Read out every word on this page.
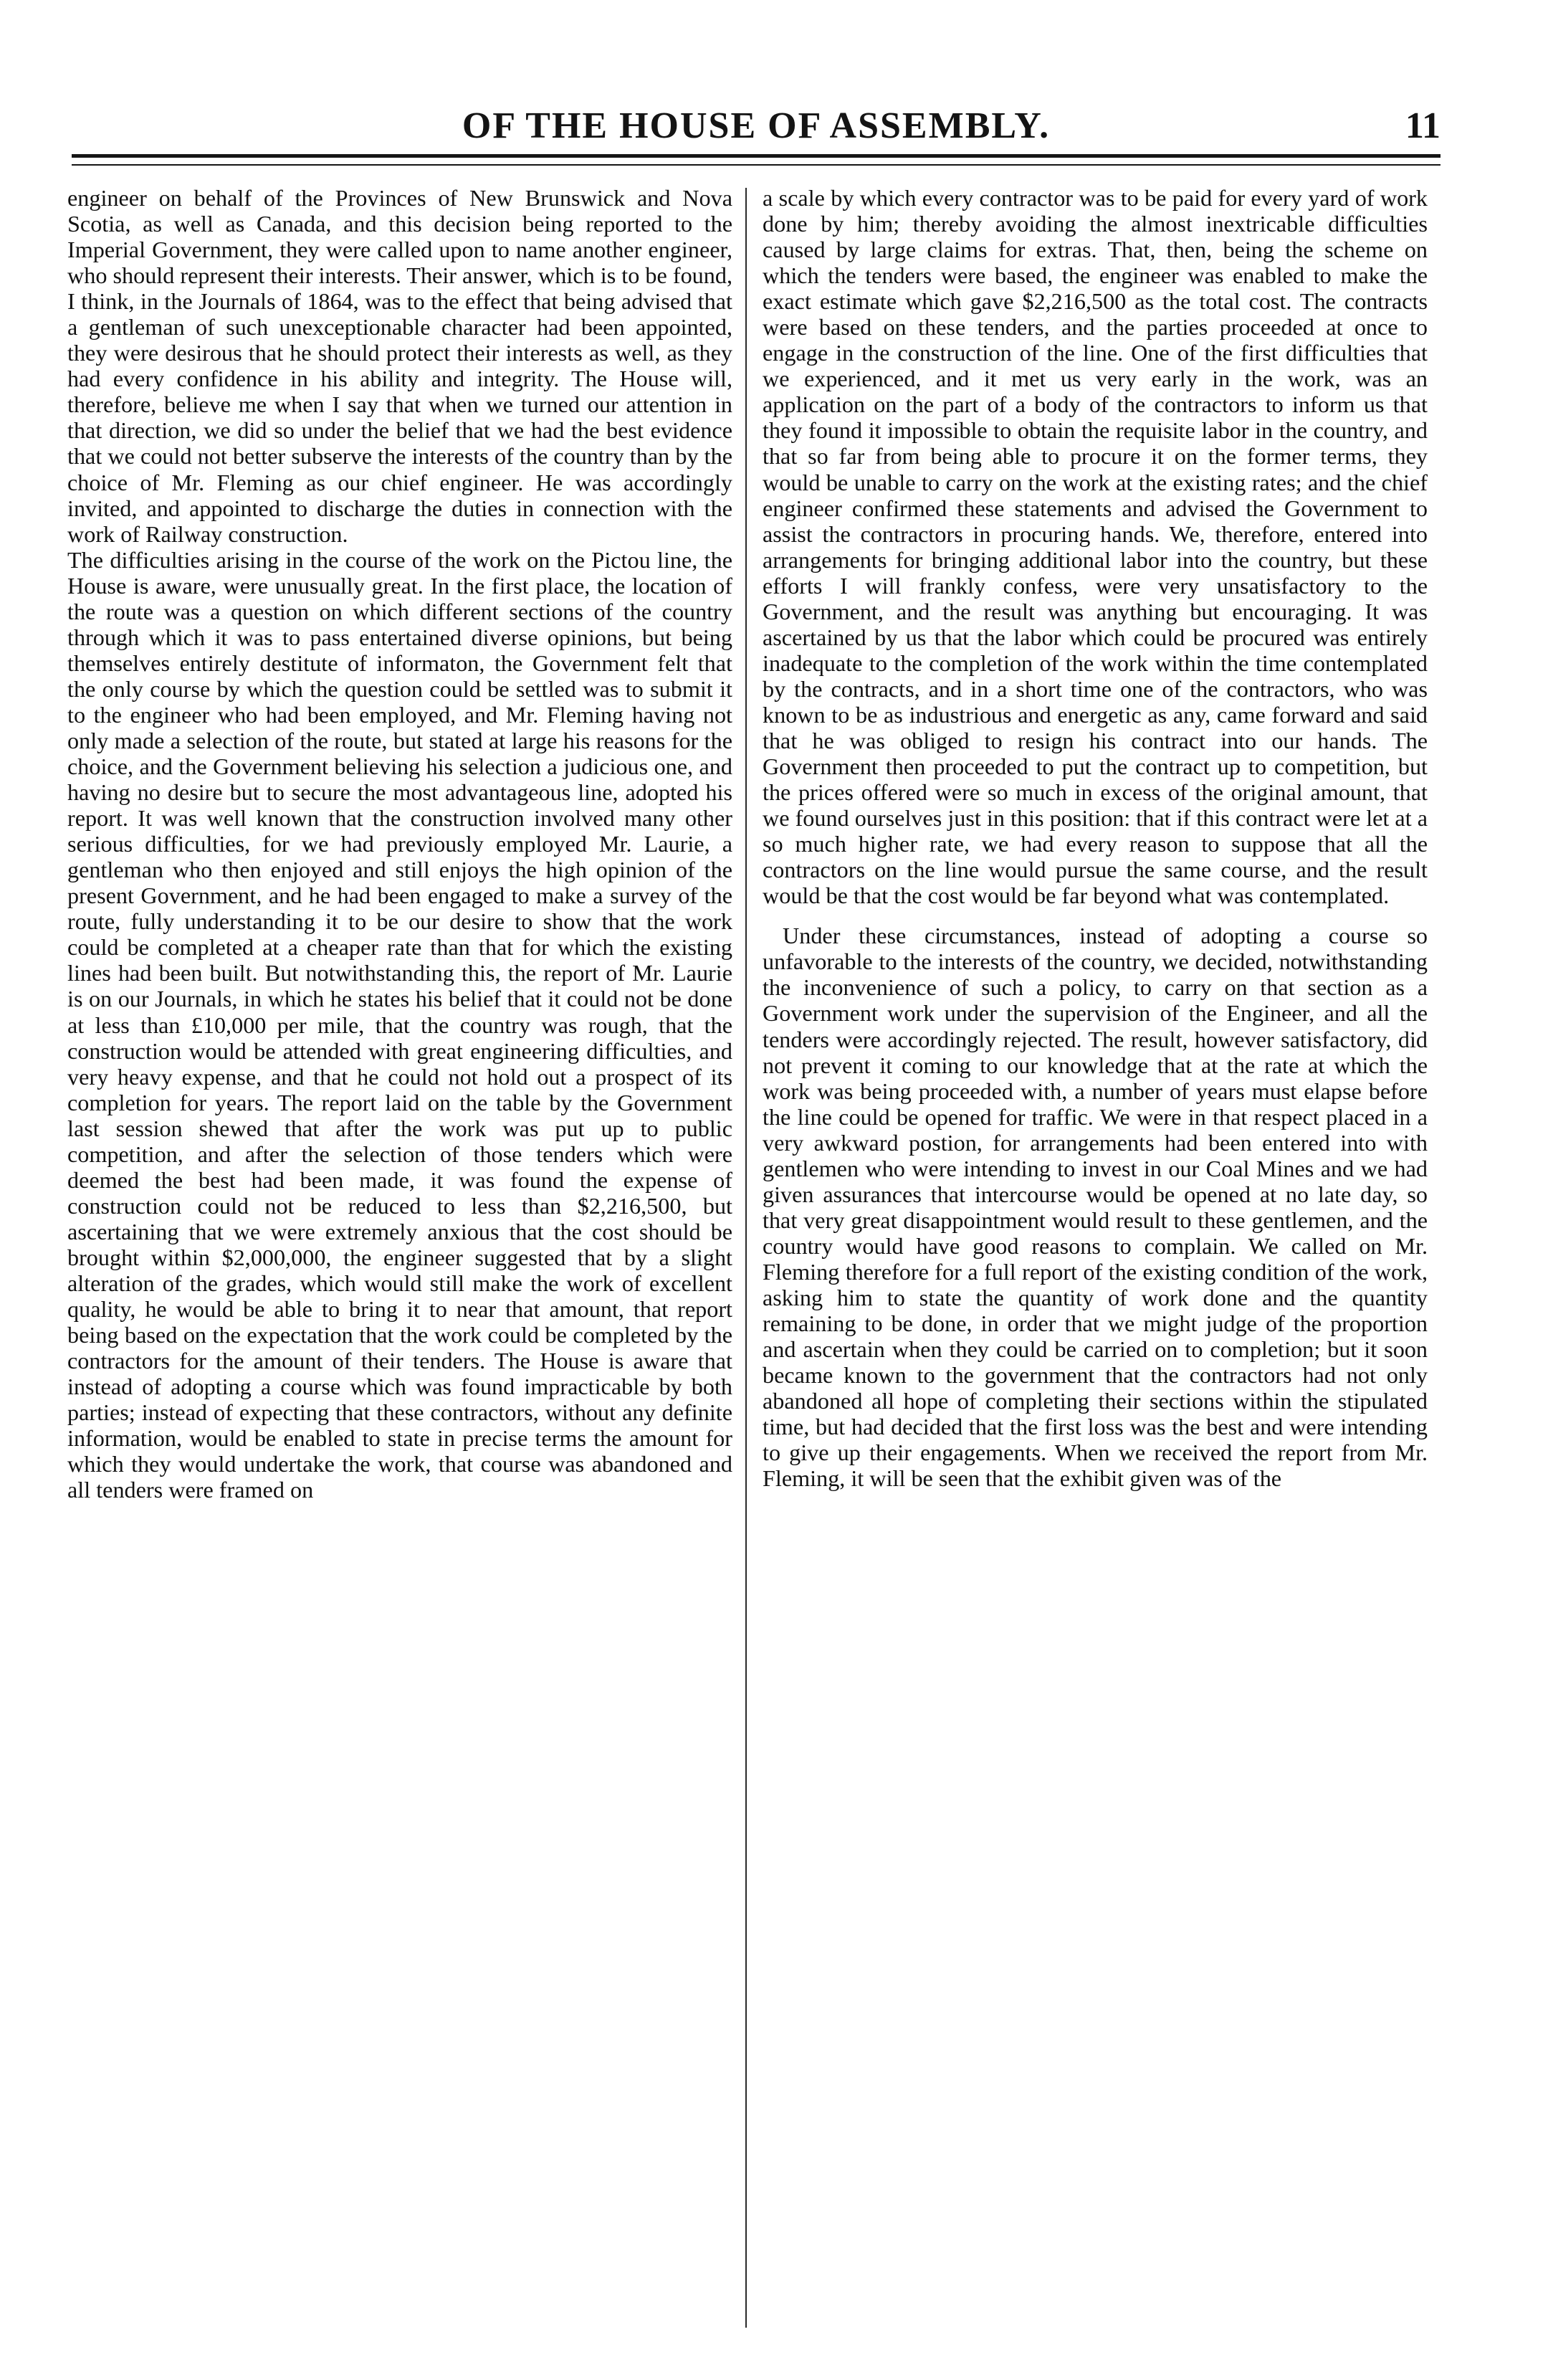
OF THE HOUSE OF ASSEMBLY.	11

engineer on behalf of the Provinces of New Brunswick and Nova Scotia, as well as Canada, and this decision being reported to the Imperial Government, they were called upon to name another engineer, who should represent their interests. Their answer, which is to be found, I think, in the Journals of 1864, was to the effect that being advised that a gentleman of such unexceptionable character had been appointed, they were desirous that he should protect their interests as well, as they had every confidence in his ability and integrity. The House will, therefore, believe me when I say that when we turned our attention in that direction, we did so under the belief that we had the best evidence that we could not better subserve the interests of the country than by the choice of Mr. Fleming as our chief engineer. He was accordingly invited, and appointed to discharge the duties in connection with the work of Railway construction.

The difficulties arising in the course of the work on the Pictou line, the House is aware, were unusually great. In the first place, the location of the route was a question on which different sections of the country through which it was to pass entertained diverse opinions, but being themselves entirely destitute of informaton, the Government felt that the only course by which the question could be settled was to submit it to the engineer who had been employed, and Mr. Fleming having not only made a selection of the route, but stated at large his reasons for the choice, and the Government believing his selection a judicious one, and having no desire but to secure the most advantageous line, adopted his report. It was well known that the construction involved many other serious difficulties, for we had previously employed Mr. Laurie, a gentleman who then enjoyed and still enjoys the high opinion of the present Government, and he had been engaged to make a survey of the route, fully understanding it to be our desire to show that the work could be completed at a cheaper rate than that for which the existing lines had been built. But notwithstanding this, the report of Mr. Laurie is on our Journals, in which he states his belief that it could not be done at less than £10,000 per mile, that the country was rough, that the construction would be attended with great engineering difficulties, and very heavy expense, and that he could not hold out a prospect of its completion for years. The report laid on the table by the Government last session shewed that after the work was put up to public competition, and after the selection of those tenders which were deemed the best had been made, it was found the expense of construction could not be reduced to less than $2,216,500, but ascertaining that we were extremely anxious that the cost should be brought within $2,000,000, the engineer suggested that by a slight alteration of the grades, which would still make the work of excellent quality, he would be able to bring it to near that amount, that report being based on the expectation that the work could be completed by the contractors for the amount of their tenders. The House is aware that instead of adopting a course which was found impracticable by both parties; instead of expecting that these contractors, without any definite information, would be enabled to state in precise terms the amount for which they would undertake the work, that course was abandoned and all tenders were framed on

a scale by which every contractor was to be paid for every yard of work done by him; thereby avoiding the almost inextricable difficulties caused by large claims for extras. That, then, being the scheme on which the tenders were based, the engineer was enabled to make the exact estimate which gave $2,216,500 as the total cost. The contracts were based on these tenders, and the parties proceeded at once to engage in the construction of the line. One of the first difficulties that we experienced, and it met us very early in the work, was an application on the part of a body of the contractors to inform us that they found it impossible to obtain the requisite labor in the country, and that so far from being able to procure it on the former terms, they would be unable to carry on the work at the existing rates; and the chief engineer confirmed these statements and advised the Government to assist the contractors in procuring hands. We, therefore, entered into arrangements for bringing additional labor into the country, but these efforts I will frankly confess, were very unsatisfactory to the Government, and the result was anything but encouraging. It was ascertained by us that the labor which could be procured was entirely inadequate to the completion of the work within the time contemplated by the contracts, and in a short time one of the contractors, who was known to be as industrious and energetic as any, came forward and said that he was obliged to resign his contract into our hands. The Government then proceeded to put the contract up to competition, but the prices offered were so much in excess of the original amount, that we found ourselves just in this position: that if this contract were let at a so much higher rate, we had every reason to suppose that all the contractors on the line would pursue the same course, and the result would be that the cost would be far beyond what was contemplated.

Under these circumstances, instead of adopting a course so unfavorable to the interests of the country, we decided, notwithstanding the inconvenience of such a policy, to carry on that section as a Government work under the supervision of the Engineer, and all the tenders were accordingly rejected. The result, however satisfactory, did not prevent it coming to our knowledge that at the rate at which the work was being proceeded with, a number of years must elapse before the line could be opened for traffic. We were in that respect placed in a very awkward postion, for arrangements had been entered into with gentlemen who were intending to invest in our Coal Mines and we had given assurances that intercourse would be opened at no late day, so that very great disappointment would result to these gentlemen, and the country would have good reasons to complain. We called on Mr. Fleming therefore for a full report of the existing condition of the work, asking him to state the quantity of work done and the quantity remaining to be done, in order that we might judge of the proportion and ascertain when they could be carried on to completion; but it soon became known to the government that the contractors had not only abandoned all hope of completing their sections within the stipulated time, but had decided that the first loss was the best and were intending to give up their engagements. When we received the report from Mr. Fleming, it will be seen that the exhibit given was of the
